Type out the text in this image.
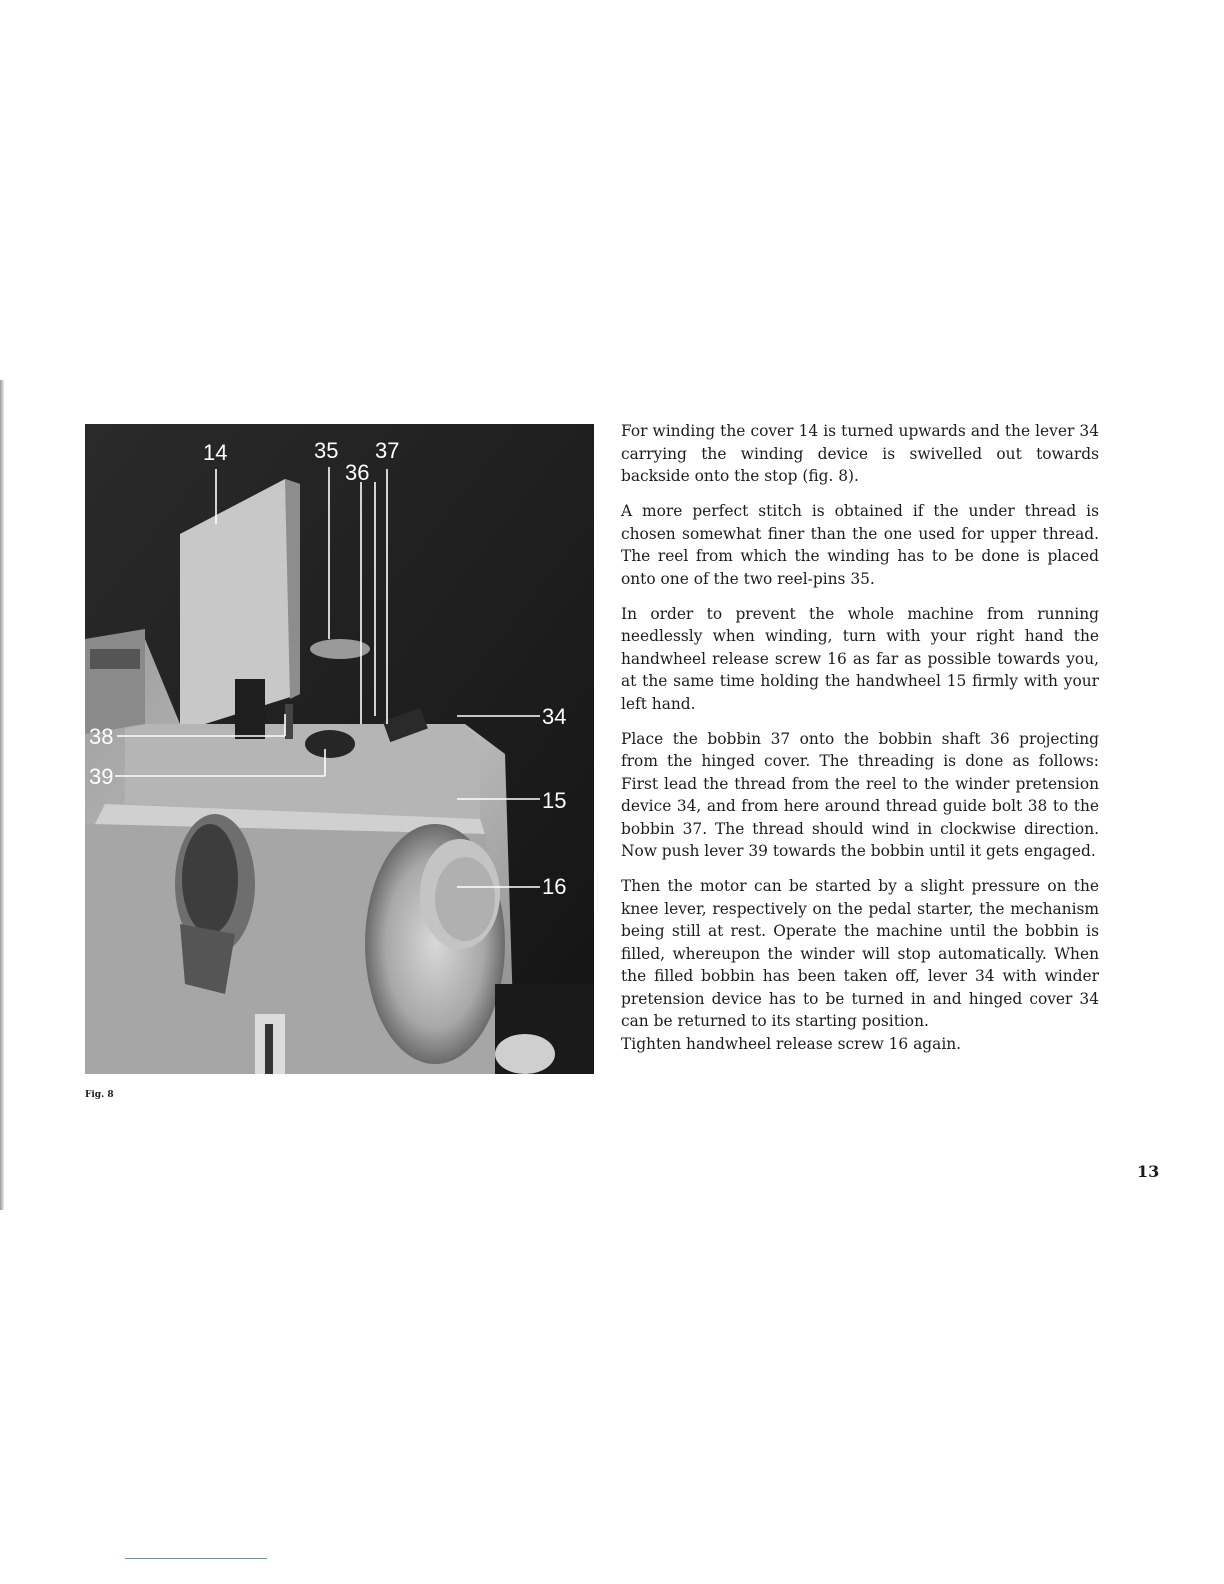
14	35 37
36
34
38
39
15
16
Fig. 8

For winding the cover 14 is turned upwards and the lever 34 carrying the winding device is swivelled out towards backside onto the stop (fig. 8).

A more perfect stitch is obtained if the under thread is chosen somewhat finer than the one used for upper thread. The reel from which the winding has to be done is placed onto one of the two reel-pins 35.

In order to prevent the whole machine from running needlessly when winding, turn with your right hand the handwheel release screw 16 as far as possible towards you, at the same time holding the handwheel 15 firmly with your left hand.

Place the bobbin 37 onto the bobbin shaft 36 projecting from the hinged cover. The threading is done as follows: First lead the thread from the reel to the winder pretension device 34, and from here around thread guide bolt 38 to the bobbin 37. The thread should wind in clockwise direction. Now push lever 39 towards the bobbin until it gets engaged.

Then the motor can be started by a slight pressure on the knee lever, respectively on the pedal starter, the mechanism being still at rest. Operate the machine until the bobbin is filled, whereupon the winder will stop automatically. When the filled bobbin has been taken off, lever 34 with winder pretension device has to be turned in and hinged cover 34 can be returned to its starting position.

Tighten handwheel release screw 16 again.

13
